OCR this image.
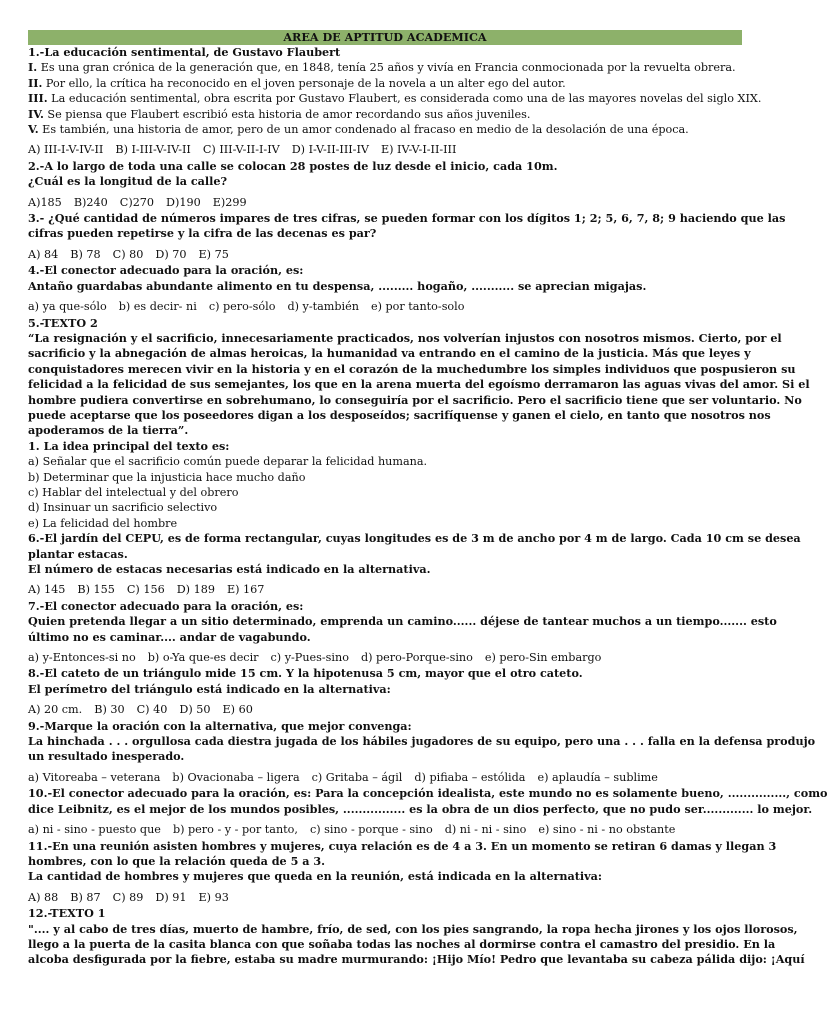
AREA DE APTITUD ACADEMICA
1.-La educación sentimental, de Gustavo Flaubert
I. Es una gran crónica de la generación que, en 1848, tenía 25 años y vivía en Francia conmocionada por la revuelta obrera.
II. Por ello, la crítica ha reconocido en el joven personaje de la novela a un alter ego del autor.
III. La educación sentimental, obra escrita por Gustavo Flaubert, es considerada como una de las mayores novelas del siglo XIX.
IV. Se piensa que Flaubert escribió esta historia de amor recordando sus años juveniles.
V. Es también, una historia de amor, pero de un amor condenado al fracaso en medio de la desolación de una época.
A) III-I-V-IV-II B) I-III-V-IV-II C) III-V-II-I-IV D) I-V-II-III-IV E) IV-V-I-II-III
2.-A lo largo de toda una calle se colocan 28 postes de luz desde el inicio, cada 10m.
¿Cuál es la longitud de la calle?
A)185 B)240 C)270 D)190 E)299
3.- ¿Qué cantidad de números impares de tres cifras, se pueden formar con los dígitos 1; 2; 5, 6, 7, 8; 9 haciendo que las
cifras pueden repetirse y la cifra de las decenas es par?
A) 84 B) 78 C) 80 D) 70 E) 75
4.-El conector adecuado para la oración, es:
Antaño guardabas abundante alimento en tu despensa, ......... hogaño, ........... se aprecian migajas.
a) ya que-sólo b) es decir- ni c) pero-sólo d) y-también e) por tanto-solo
5.-TEXTO 2
“La resignación y el sacrificio, innecesariamente practicados, nos volverían injustos con nosotros mismos. Cierto, por el
sacrificio y la abnegación de almas heroicas, la humanidad va entrando en el camino de la justicia. Más que leyes y
conquistadores merecen vivir en la historia y en el corazón de la muchedumbre los simples individuos que pospusieron su
felicidad a la felicidad de sus semejantes, los que en la arena muerta del egoísmo derramaron las aguas vivas del amor. Si el
hombre pudiera convertirse en sobrehumano, lo conseguiría por el sacrificio. Pero el sacrificio tiene que ser voluntario. No
puede aceptarse que los poseedores digan a los desposeídos; sacrifíquense y ganen el cielo, en tanto que nosotros nos
apoderamos de la tierra”.
1. La idea principal del texto es:
a) Señalar que el sacrificio común puede deparar la felicidad humana.
b) Determinar que la injusticia hace mucho daño
c) Hablar del intelectual y del obrero
d) Insinuar un sacrificio selectivo
e) La felicidad del hombre
6.-El jardín del CEPU, es de forma rectangular, cuyas longitudes es de 3 m de ancho por 4 m de largo. Cada 10 cm se desea
plantar estacas.
El número de estacas necesarias está indicado en la alternativa.
A) 145 B) 155 C) 156 D) 189 E) 167
7.-El conector adecuado para la oración, es:
Quien pretenda llegar a un sitio determinado, emprenda un camino...... déjese de tantear muchos a un tiempo....... esto
último no es caminar.... andar de vagabundo.
a) y-Entonces-si no b) o-Ya que-es decir c) y-Pues-sino d) pero-Porque-sino e) pero-Sin embargo
8.-El cateto de un triángulo mide 15 cm. Y la hipotenusa 5 cm, mayor que el otro cateto.
El perímetro del triángulo está indicado en la alternativa:
A) 20 cm. B) 30 C) 40 D) 50 E) 60
9.-Marque la oración con la alternativa, que mejor convenga:
La hinchada . . . orgullosa cada diestra jugada de los hábiles jugadores de su equipo, pero una . . . falla en la defensa produjo
un resultado inesperado.
a) Vitoreaba – veterana b) Ovacionaba – ligera c) Gritaba – ágil d) pifiaba – estólida e) aplaudía – sublime
10.-El conector adecuado para la oración, es: Para la concepción idealista, este mundo no es solamente bueno, ..............., como
dice Leibnitz, es el mejor de los mundos posibles, ................ es la obra de un dios perfecto, que no pudo ser............. lo mejor.
a) ni - sino - puesto que b) pero - y - por tanto, c) sino - porque - sino d) ni - ni - sino e) sino - ni - no obstante
11.-En una reunión asisten hombres y mujeres, cuya relación es de 4 a 3. En un momento se retiran 6 damas y llegan 3
hombres, con lo que la relación queda de 5 a 3.
La cantidad de hombres y mujeres que queda en la reunión, está indicada en la alternativa:
A) 88 B) 87 C) 89 D) 91 E) 93
12.-TEXTO 1
".... y al cabo de tres días, muerto de hambre, frío, de sed, con los pies sangrando, la ropa hecha jirones y los ojos llorosos,
llego a la puerta de la casita blanca con que soñaba todas las noches al dormirse contra el camastro del presidio. En la
alcoba desfigurada por la fiebre, estaba su madre murmurando: ¡Hijo Mío! Pedro que levantaba su cabeza pálida dijo: ¡Aquí
